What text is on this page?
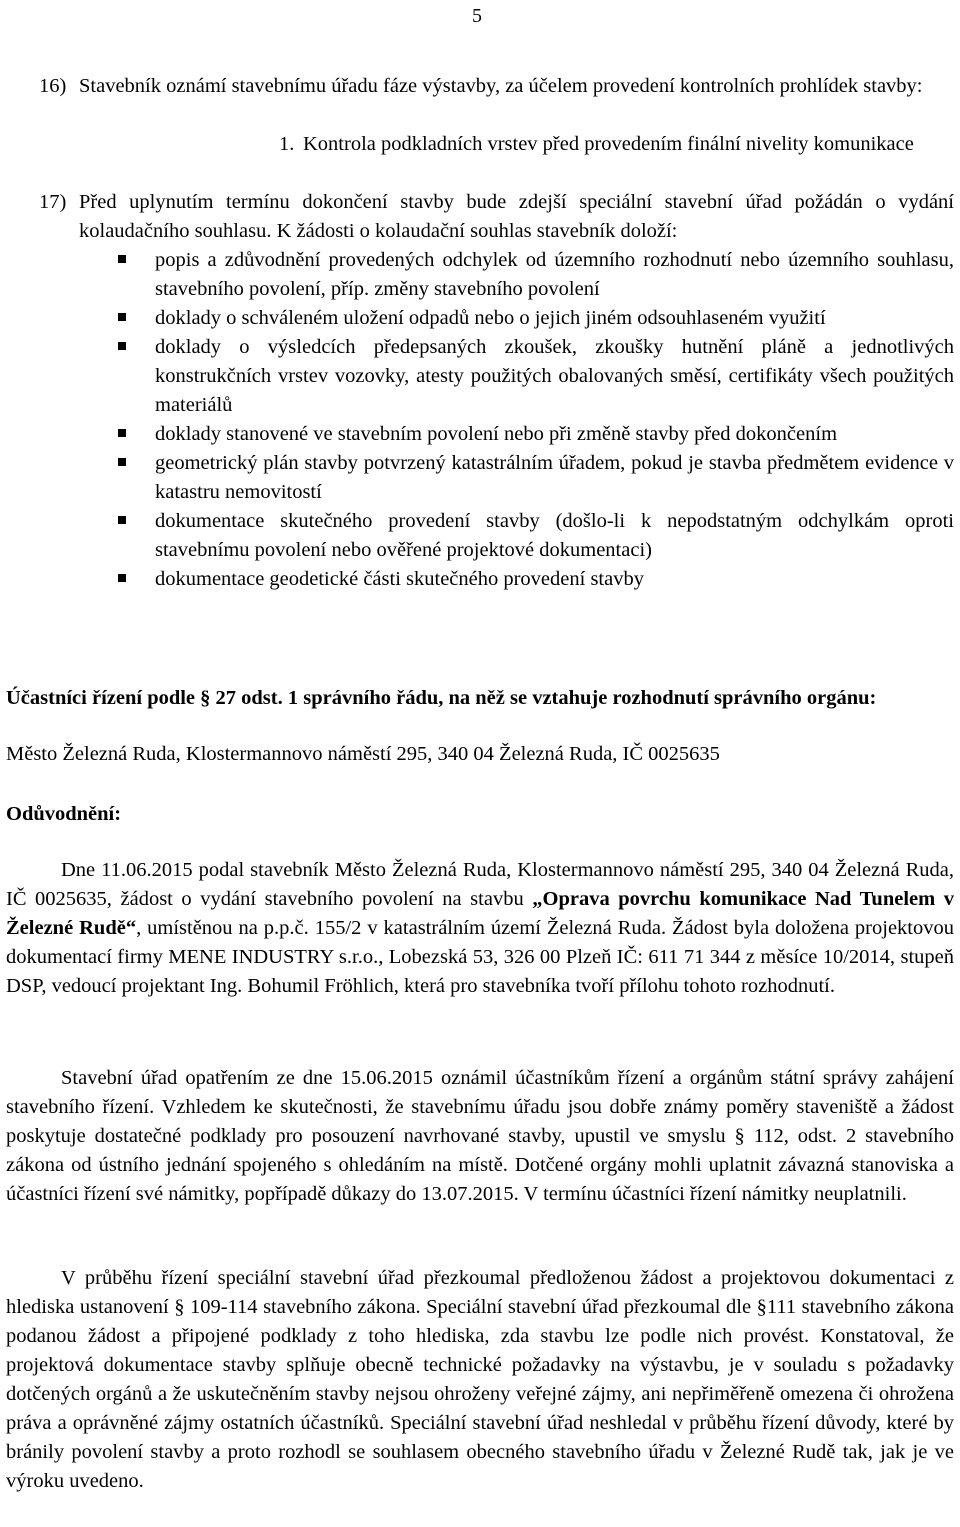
5
16) Stavebník oznámí stavebnímu úřadu fáze výstavby, za účelem provedení kontrolních prohlídek stavby:
1. Kontrola podkladních vrstev před provedením finální nivelity komunikace
17) Před uplynutím termínu dokončení stavby bude zdejší speciální stavební úřad požádán o vydání kolaudačního souhlasu. K žádosti o kolaudační souhlas stavebník doloží:
popis a zdůvodnění provedených odchylek od územního rozhodnutí nebo územního souhlasu, stavebního povolení, příp. změny stavebního povolení
doklady o schváleném uložení odpadů nebo o jejich jiném odsouhlaseném využití
doklady o výsledcích předepsaných zkoušek, zkoušky hutnění pláně a jednotlivých konstrukčních vrstev vozovky, atesty použitých obalovaných směsí, certifikáty všech použitých materiálů
doklady stanovené ve stavebním povolení nebo při změně stavby před dokončením
geometrický plán stavby potvrzený katastrálním úřadem, pokud je stavba předmětem evidence v katastru nemovitostí
dokumentace skutečného provedení stavby (došlo-li k nepodstatným odchylkám oproti stavebnímu povolení nebo ověřené projektové dokumentaci)
dokumentace geodetické části skutečného provedení stavby
Účastníci řízení podle § 27 odst. 1 správního řádu, na něž se vztahuje rozhodnutí správního orgánu:
Město Železná Ruda, Klostermannovo náměstí 295, 340 04 Železná Ruda, IČ 0025635
Odůvodnění:

Dne 11.06.2015 podal stavebník Město Železná Ruda, Klostermannovo náměstí 295, 340 04 Železná Ruda, IČ 0025635, žádost o vydání stavebního povolení na stavbu „Oprava povrchu komunikace Nad Tunelem v Železné Rudě“, umístěnou na p.p.č. 155/2 v katastrálním území Železná Ruda. Žádost byla doložena projektovou dokumentací firmy MENE INDUSTRY s.r.o., Lobezská 53, 326 00 Plzeň IČ: 611 71 344 z měsíce 10/2014, stupeň DSP, vedoucí projektant Ing. Bohumil Fröhlich, která pro stavebníka tvoří přílohu tohoto rozhodnutí.

Stavební úřad opatřením ze dne 15.06.2015 oznámil účastníkům řízení a orgánům státní správy zahájení stavebního řízení. Vzhledem ke skutečnosti, že stavebnímu úřadu jsou dobře známy poměry staveniště a žádost poskytuje dostatečné podklady pro posouzení navrhované stavby, upustil ve smyslu § 112, odst. 2 stavebního zákona od ústního jednání spojeného s ohledáním na místě. Dotčené orgány mohli uplatnit závazná stanoviska a účastníci řízení své námitky, popřípadě důkazy do 13.07.2015. V termínu účastníci řízení námitky neuplatnili.

V průběhu řízení speciální stavební úřad přezkoumal předloženou žádost a projektovou dokumentaci z hlediska ustanovení § 109-114 stavebního zákona. Speciální stavební úřad přezkoumal dle §111 stavebního zákona podanou žádost a připojené podklady z toho hlediska, zda stavbu lze podle nich provést. Konstatoval, že projektová dokumentace stavby splňuje obecně technické požadavky na výstavbu, je v souladu s požadavky dotčených orgánů a že uskutečněním stavby nejsou ohroženy veřejné zájmy, ani nepřiměřeně omezena či ohrožena práva a oprávněné zájmy ostatních účastníků. Speciální stavební úřad neshledal v průběhu řízení důvody, které by bránily povolení stavby a proto rozhodl se souhlasem obecného stavebního úřadu v Železné Rudě tak, jak je ve výroku uvedeno.
